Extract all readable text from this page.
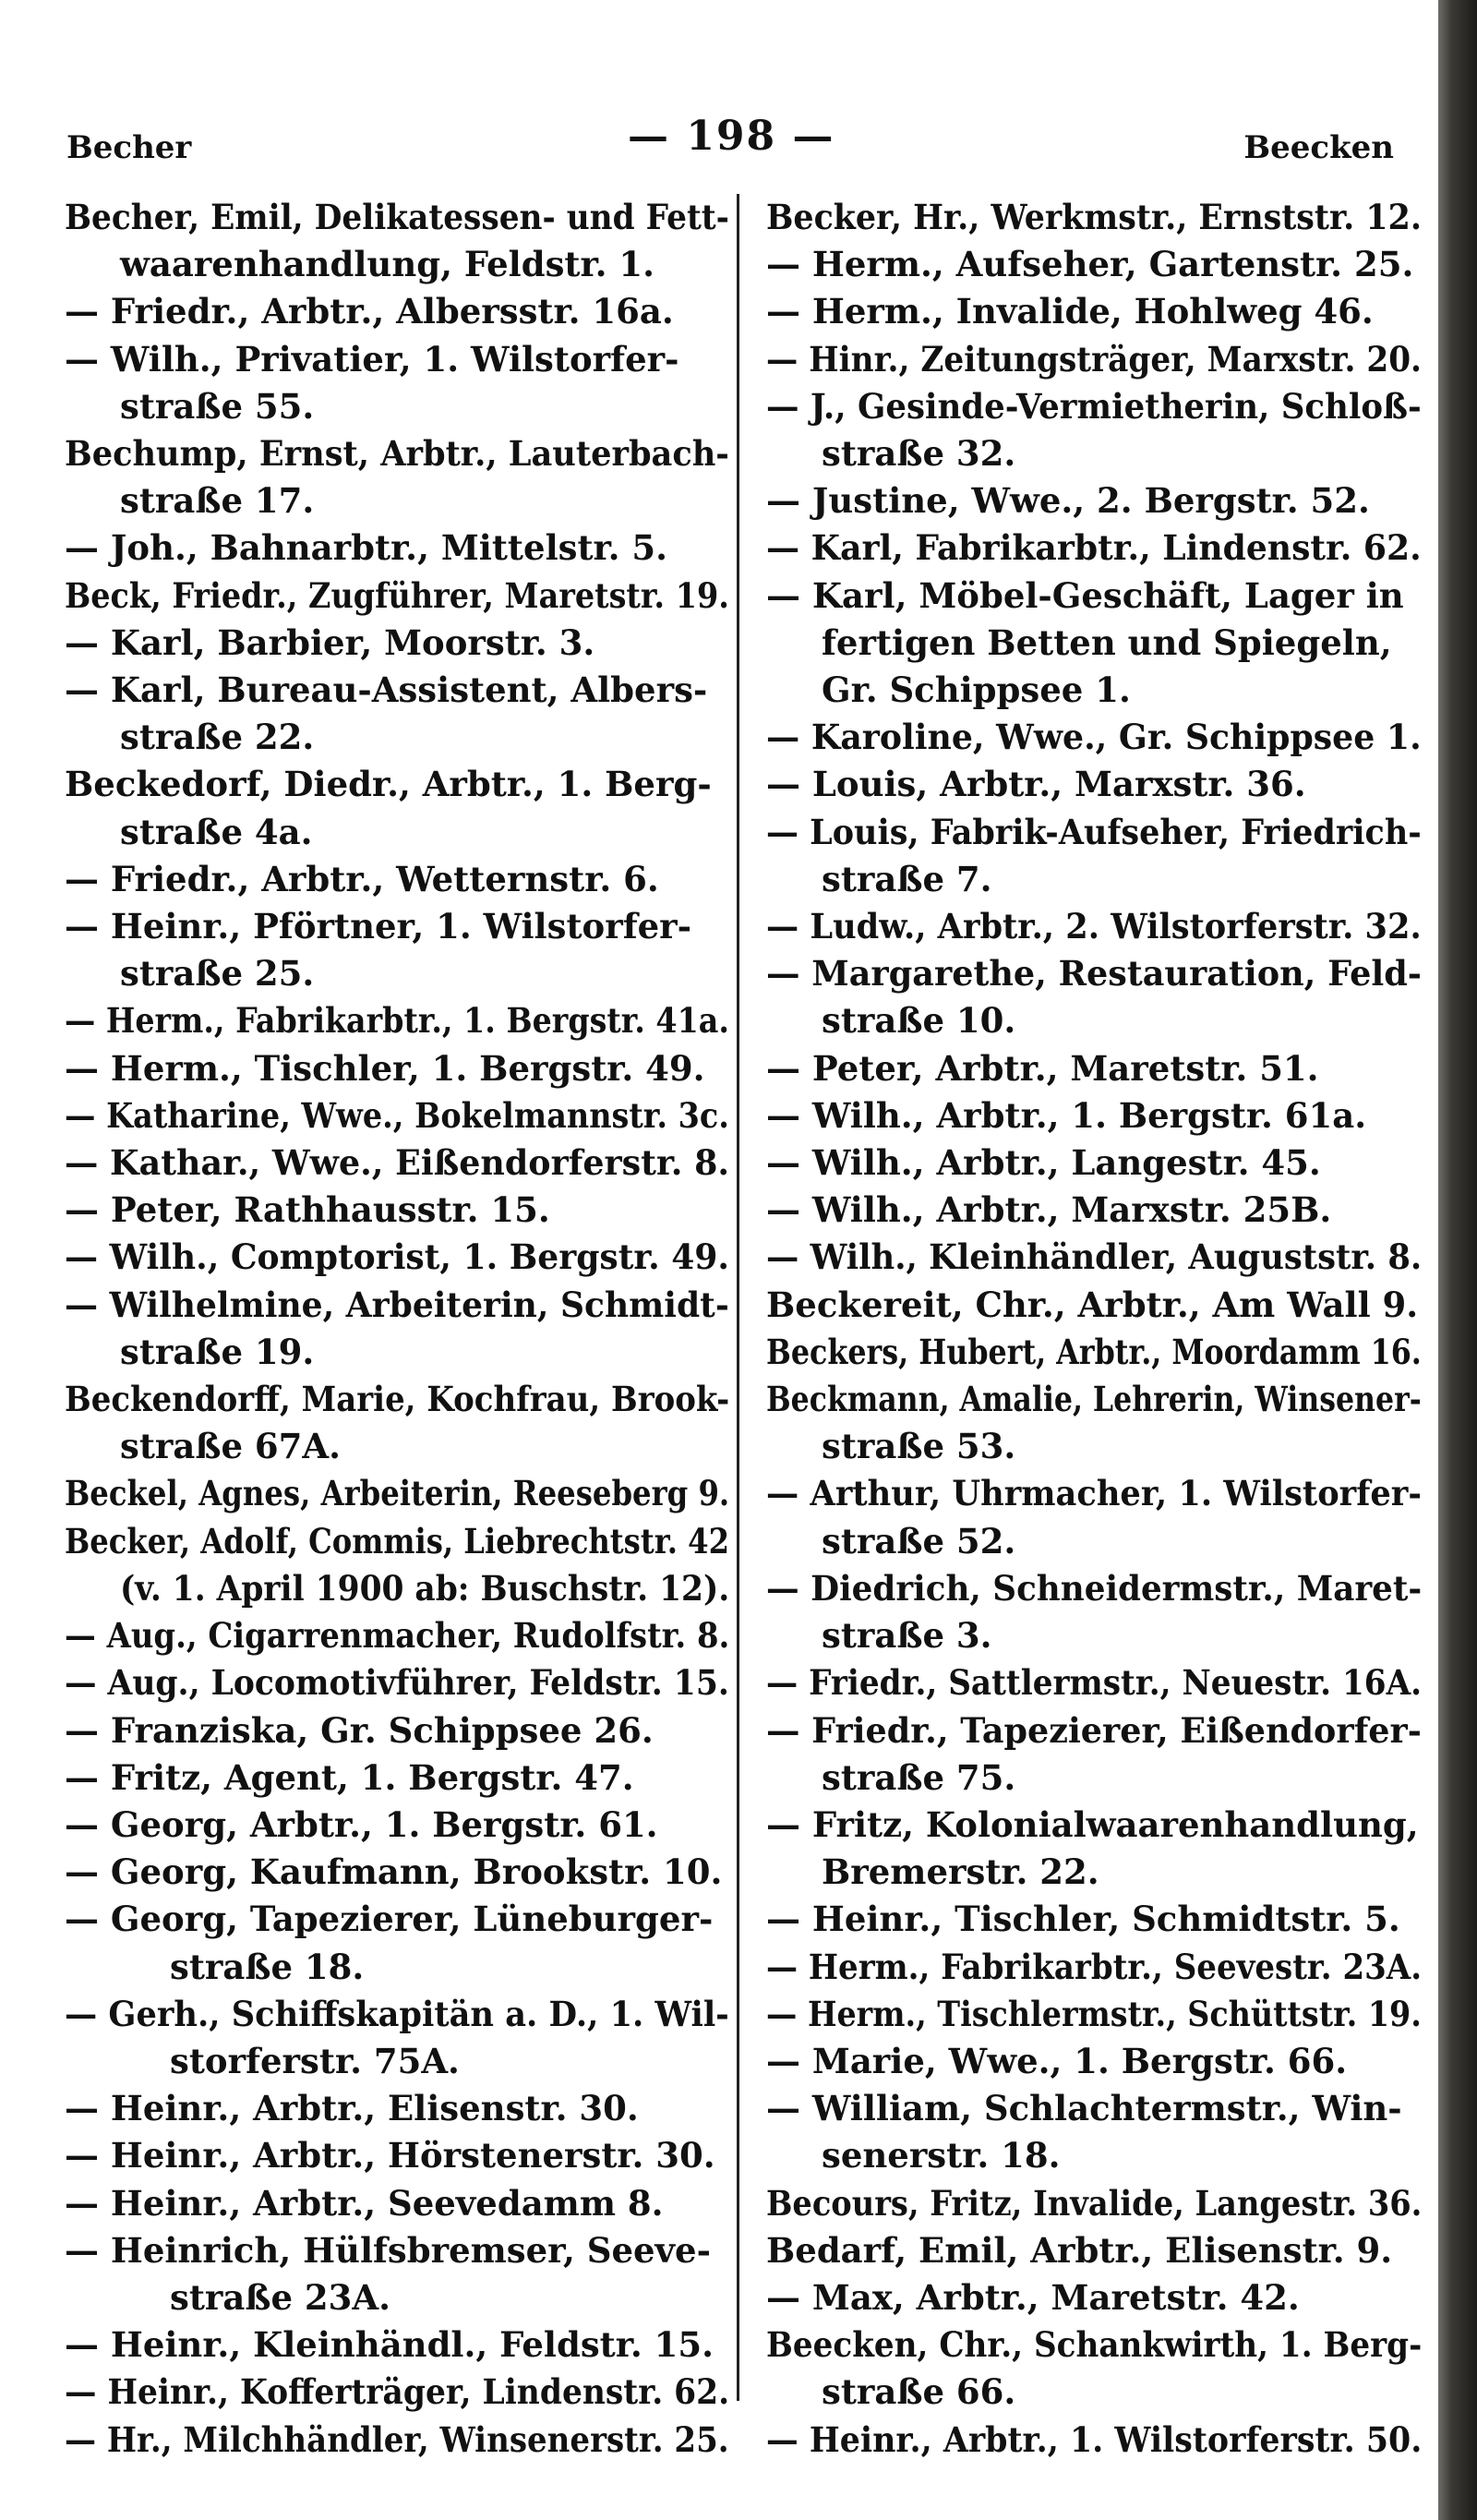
Becher	— 198 —	Beecken
Becher, Emil, Delikatessen- und Fett-
waarenhandlung, Feldstr. 1.
— Friedr., Arbtr., Albersstr. 16a.
— Wilh., Privatier, 1. Wilstorfer-
straße 55.
Bechump, Ernst, Arbtr., Lauterbach-
straße 17.
— Joh., Bahnarbtr., Mittelstr. 5.
Beck, Friedr., Zugführer, Maretstr. 19.
— Karl, Barbier, Moorstr. 3.
— Karl, Bureau-Assistent, Albers-
straße 22.
Beckedorf, Diedr., Arbtr., 1. Berg-
straße 4a.
— Friedr., Arbtr., Wetternstr. 6.
— Heinr., Pförtner, 1. Wilstorfer-
straße 25.
— Herm., Fabrikarbtr., 1. Bergstr. 41a.
— Herm., Tischler, 1. Bergstr. 49.
— Katharine, Wwe., Bokelmannstr. 3c.
— Kathar., Wwe., Eißendorferstr. 8.
— Peter, Rathhausstr. 15.
— Wilh., Comptorist, 1. Bergstr. 49.
— Wilhelmine, Arbeiterin, Schmidt-
straße 19.
Beckendorff, Marie, Kochfrau, Brook-
straße 67A.
Beckel, Agnes, Arbeiterin, Reeseberg 9.
Becker, Adolf, Commis, Liebrechtstr. 42
(v. 1. April 1900 ab: Buschstr. 12).
— Aug., Cigarrenmacher, Rudolfstr. 8.
— Aug., Locomotivführer, Feldstr. 15.
— Franziska, Gr. Schippsee 26.
— Fritz, Agent, 1. Bergstr. 47.
— Georg, Arbtr., 1. Bergstr. 61.
— Georg, Kaufmann, Brookstr. 10.
— Georg, Tapezierer, Lüneburger-
straße 18.
— Gerh., Schiffskapitän a. D., 1. Wil-
storferstr. 75A.
— Heinr., Arbtr., Elisenstr. 30.
— Heinr., Arbtr., Hörstenerstr. 30.
— Heinr., Arbtr., Seevedamm 8.
— Heinrich, Hülfsbremser, Seeve-
straße 23A.
— Heinr., Kleinhändl., Feldstr. 15.
— Heinr., Kofferträger, Lindenstr. 62.
— Hr., Milchhändler, Winsenerstr. 25.
Becker, Hr., Werkmstr., Ernststr. 12.
— Herm., Aufseher, Gartenstr. 25.
— Herm., Invalide, Hohlweg 46.
— Hinr., Zeitungsträger, Marxstr. 20.
— J., Gesinde-Vermietherin, Schloß-
straße 32.
— Justine, Wwe., 2. Bergstr. 52.
— Karl, Fabrikarbtr., Lindenstr. 62.
— Karl, Möbel-Geschäft, Lager in
fertigen Betten und Spiegeln,
Gr. Schippsee 1.
— Karoline, Wwe., Gr. Schippsee 1.
— Louis, Arbtr., Marxstr. 36.
— Louis, Fabrik-Aufseher, Friedrich-
straße 7.
— Ludw., Arbtr., 2. Wilstorferstr. 32.
— Margarethe, Restauration, Feld-
straße 10.
— Peter, Arbtr., Maretstr. 51.
— Wilh., Arbtr., 1. Bergstr. 61a.
— Wilh., Arbtr., Langestr. 45.
— Wilh., Arbtr., Marxstr. 25B.
— Wilh., Kleinhändler, Auguststr. 8.
Beckereit, Chr., Arbtr., Am Wall 9.
Beckers, Hubert, Arbtr., Moordamm 16.
Beckmann, Amalie, Lehrerin, Winsener-
straße 53.
— Arthur, Uhrmacher, 1. Wilstorfer-
straße 52.
— Diedrich, Schneidermstr., Maret-
straße 3.
— Friedr., Sattlermstr., Neuestr. 16A.
— Friedr., Tapezierer, Eißendorfer-
straße 75.
— Fritz, Kolonialwaarenhandlung,
Bremerstr. 22.
— Heinr., Tischler, Schmidtstr. 5.
— Herm., Fabrikarbtr., Seevestr. 23A.
— Herm., Tischlermstr., Schüttstr. 19.
— Marie, Wwe., 1. Bergstr. 66.
— William, Schlachtermstr., Win-
senerstr. 18.
Becours, Fritz, Invalide, Langestr. 36.
Bedarf, Emil, Arbtr., Elisenstr. 9.
— Max, Arbtr., Maretstr. 42.
Beecken, Chr., Schankwirth, 1. Berg-
straße 66.
— Heinr., Arbtr., 1. Wilstorferstr. 50.
